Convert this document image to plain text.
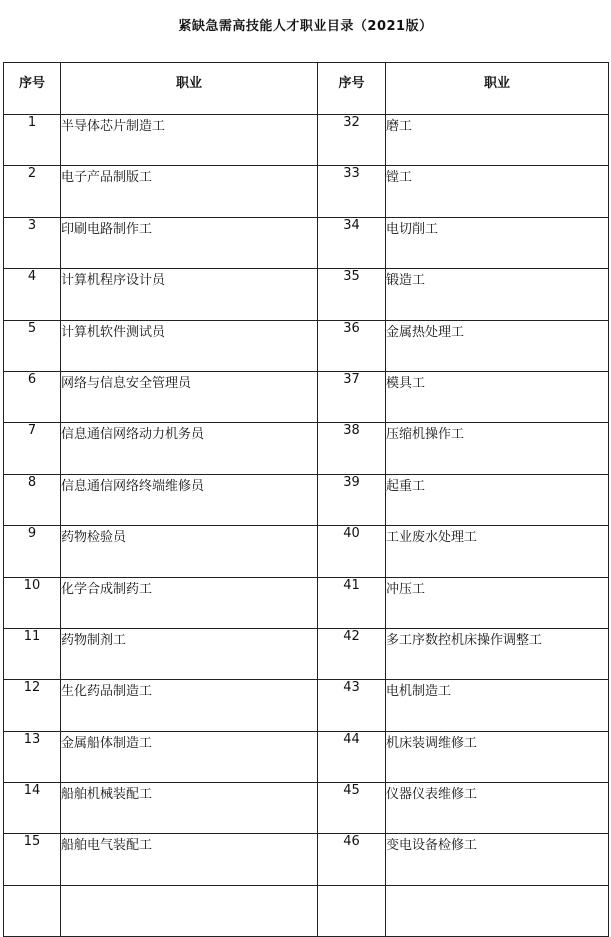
紧缺急需高技能人才职业目录（2021版）
序号	职业	序号	职业
1	半导体芯片制造工	32	磨工
2	电子产品制版工	33	镗工
3	印刷电路制作工	34	电切削工
4	计算机程序设计员	35	锻造工
5	计算机软件测试员	36	金属热处理工
6	网络与信息安全管理员	37	模具工
7	信息通信网络动力机务员	38	压缩机操作工
8	信息通信网络终端维修员	39	起重工
9	药物检验员	40	工业废水处理工
10	化学合成制药工	41	冲压工
11	药物制剂工	42	多工序数控机床操作调整工
12	生化药品制造工	43	电机制造工
13	金属船体制造工	44	机床装调维修工
14	船舶机械装配工	45	仪器仪表维修工
15	船舶电气装配工	46	变电设备检修工
